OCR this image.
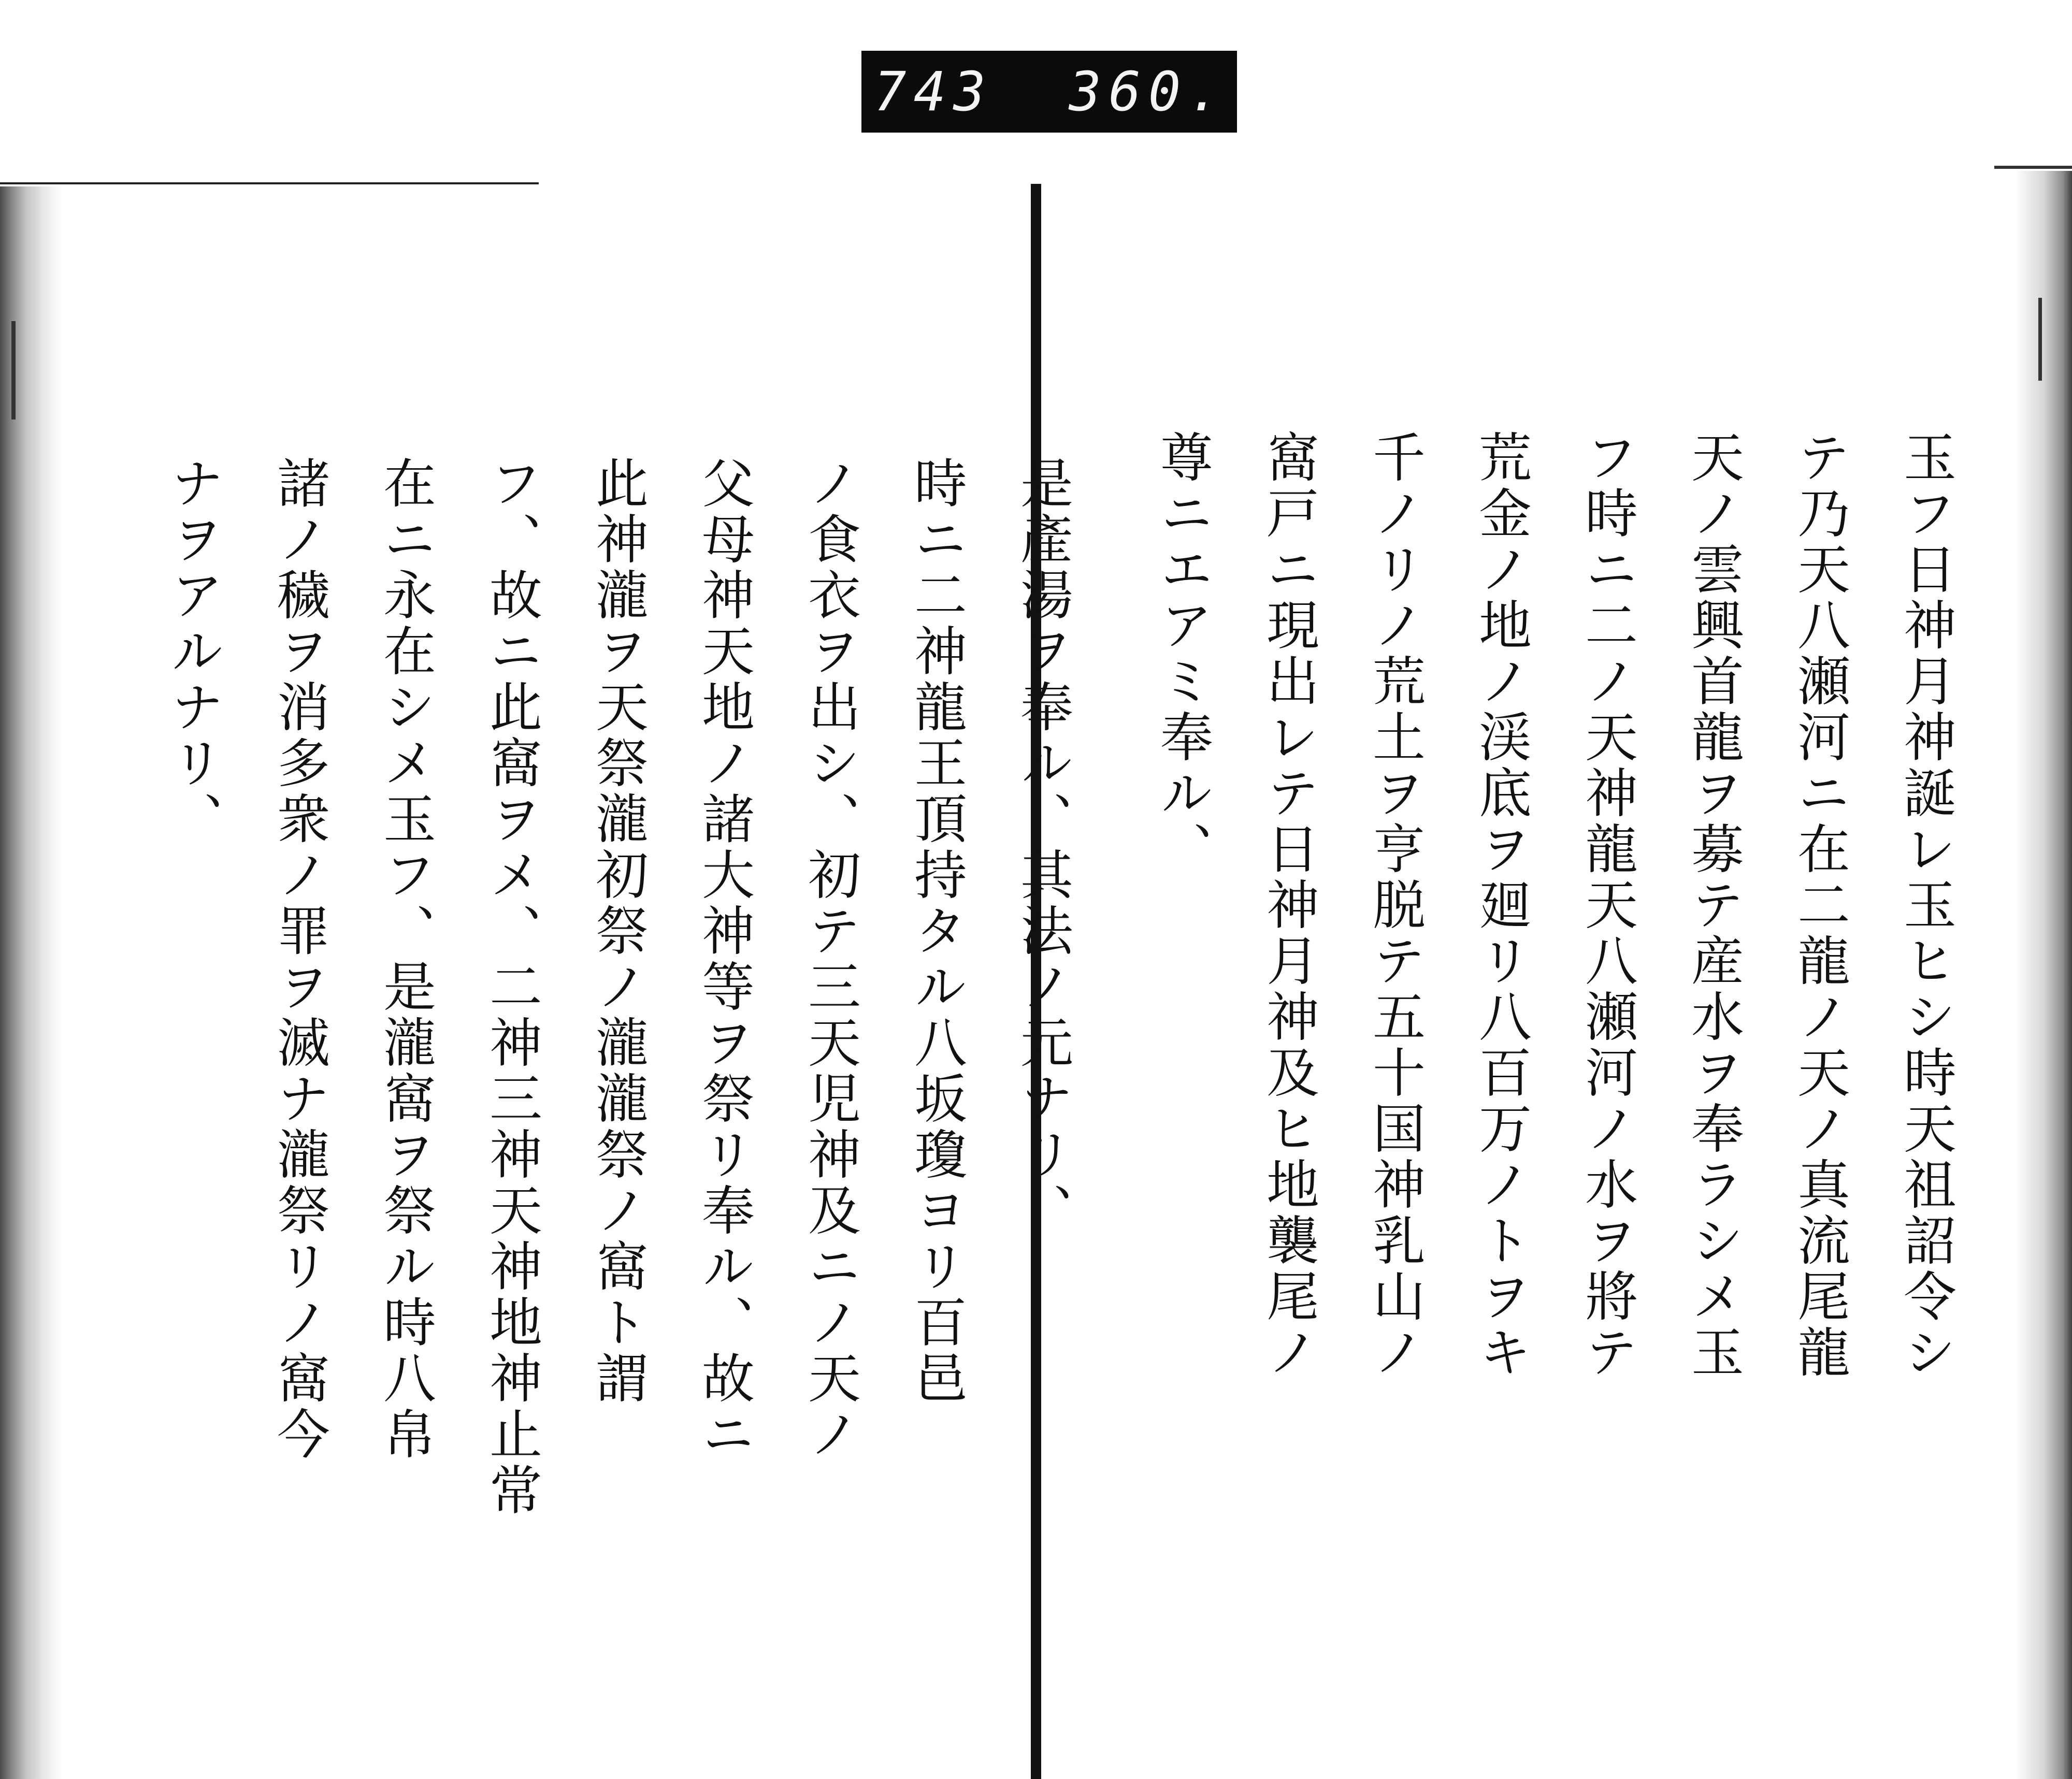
743 360.
是產湯ヲ奉ル、其法ノ元ナリ、
時ニ二神龍王頂持タル八坂瓊ヨリ百邑
ノ食衣ヲ出シ、初テ三天児神及ニノ天ノ
父母神天地ノ諸大神等ヲ祭リ奉ル、故ニ
此神瀧ヲ天祭瀧初祭ノ瀧瀧祭ノ窩ト謂
フ、故ニ此窩ヲメ、二神三神天神地神止常
在ニ永在シメ玉フ、是瀧窩ヲ祭ル時八帛
諸ノ穢ヲ消多衆ノ罪ヲ滅ナ瀧祭リノ窩今
ナヲアルナリ、	玉フ日神月神誕レ玉ヒシ時天祖詔令シ
テ乃天八瀬河ニ在二龍ノ天ノ真流尾龍
天ノ雲興首龍ヲ募テ産水ヲ奉ラシメ玉
フ時ニ二ノ天神龍天八瀬河ノ水ヲ將テ
荒金ノ地ノ渓底ヲ廻リ八百万ノトヲキ
千ノリノ荒土ヲ亨脱テ五十国神乳山ノ
窩戸ニ現出レテ日神月神及ヒ地襲尾ノ
尊ニエアミ奉ル、
